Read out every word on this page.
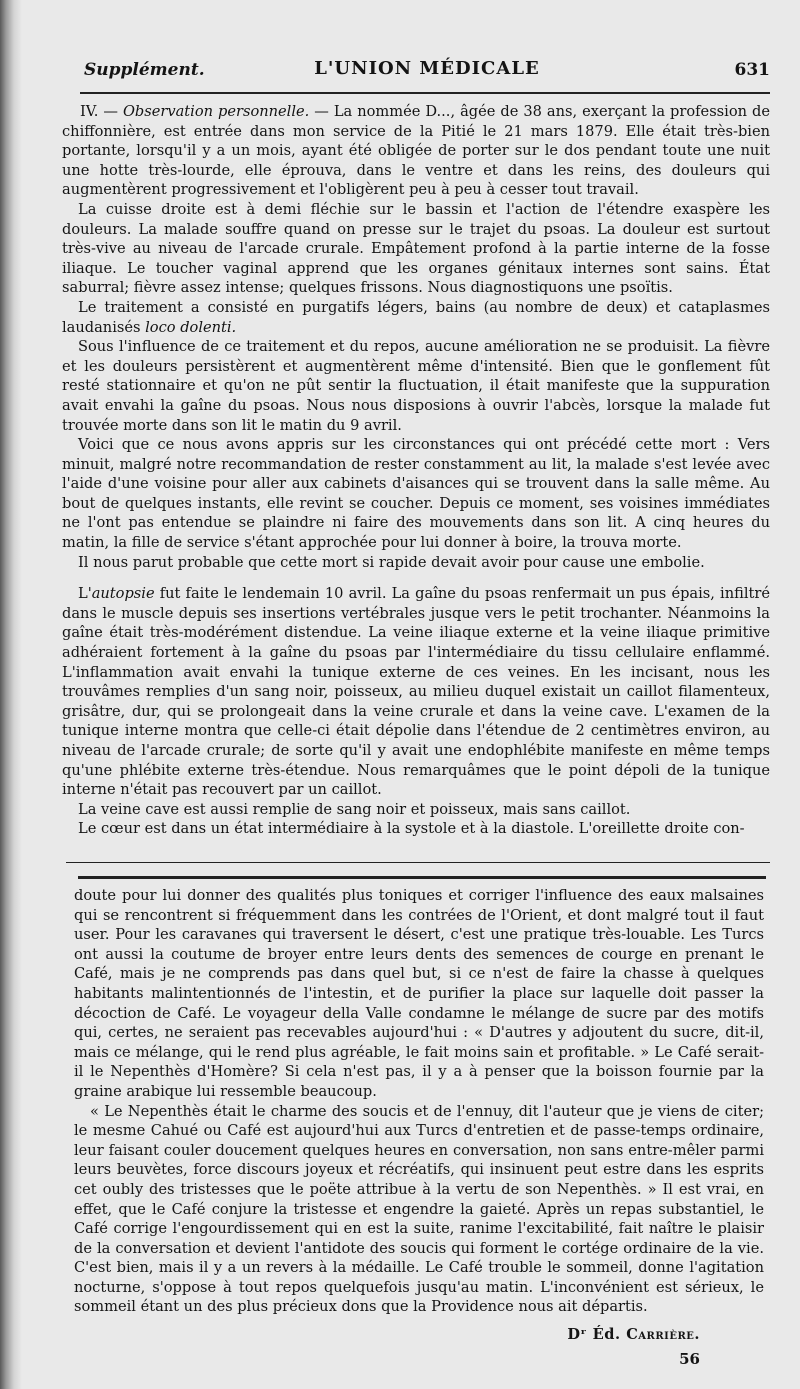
Supplément.	L'UNION MÉDICALE	631

IV. — Observation personnelle. — La nommée D..., âgée de 38 ans, exerçant la profession de chiffonnière, est entrée dans mon service de la Pitié le 21 mars 1879. Elle était très-bien portante, lorsqu'il y a un mois, ayant été obligée de porter sur le dos pendant toute une nuit une hotte très-lourde, elle éprouva, dans le ventre et dans les reins, des douleurs qui augmentèrent progressivement et l'obligèrent peu à peu à cesser tout travail.

La cuisse droite est à demi fléchie sur le bassin et l'action de l'étendre exaspère les douleurs. La malade souffre quand on presse sur le trajet du psoas. La douleur est surtout très-vive au niveau de l'arcade crurale. Empâtement profond à la partie interne de la fosse iliaque. Le toucher vaginal apprend que les organes génitaux internes sont sains. État saburral; fièvre assez intense; quelques frissons. Nous diagnostiquons une psoïtis.

Le traitement a consisté en purgatifs légers, bains (au nombre de deux) et cataplasmes laudanisés loco dolenti.

Sous l'influence de ce traitement et du repos, aucune amélioration ne se produisit. La fièvre et les douleurs persistèrent et augmentèrent même d'intensité. Bien que le gonflement fût resté stationnaire et qu'on ne pût sentir la fluctuation, il était manifeste que la suppuration avait envahi la gaîne du psoas. Nous nous disposions à ouvrir l'abcès, lorsque la malade fut trouvée morte dans son lit le matin du 9 avril.

Voici que ce nous avons appris sur les circonstances qui ont précédé cette mort : Vers minuit, malgré notre recommandation de rester constamment au lit, la malade s'est levée avec l'aide d'une voisine pour aller aux cabinets d'aisances qui se trouvent dans la salle même. Au bout de quelques instants, elle revint se coucher. Depuis ce moment, ses voisines immédiates ne l'ont pas entendue se plaindre ni faire des mouvements dans son lit. A cinq heures du matin, la fille de service s'étant approchée pour lui donner à boire, la trouva morte.

Il nous parut probable que cette mort si rapide devait avoir pour cause une embolie.

L'autopsie fut faite le lendemain 10 avril. La gaîne du psoas renfermait un pus épais, infiltré dans le muscle depuis ses insertions vertébrales jusque vers le petit trochanter. Néanmoins la gaîne était très-modérément distendue. La veine iliaque externe et la veine iliaque primitive adhéraient fortement à la gaîne du psoas par l'intermédiaire du tissu cellulaire enflammé. L'inflammation avait envahi la tunique externe de ces veines. En les incisant, nous les trouvâmes remplies d'un sang noir, poisseux, au milieu duquel existait un caillot filamenteux, grisâtre, dur, qui se prolongeait dans la veine crurale et dans la veine cave. L'examen de la tunique interne montra que celle-ci était dépolie dans l'étendue de 2 centimètres environ, au niveau de l'arcade crurale; de sorte qu'il y avait une endophlébite manifeste en même temps qu'une phlébite externe très-étendue. Nous remarquâmes que le point dépoli de la tunique interne n'était pas recouvert par un caillot.

La veine cave est aussi remplie de sang noir et poisseux, mais sans caillot.

Le cœur est dans un état intermédiaire à la systole et à la diastole. L'oreillette droite con-

doute pour lui donner des qualités plus toniques et corriger l'influence des eaux malsaines qui se rencontrent si fréquemment dans les contrées de l'Orient, et dont malgré tout il faut user. Pour les caravanes qui traversent le désert, c'est une pratique très-louable. Les Turcs ont aussi la coutume de broyer entre leurs dents des semences de courge en prenant le Café, mais je ne comprends pas dans quel but, si ce n'est de faire la chasse à quelques habitants malintentionnés de l'intestin, et de purifier la place sur laquelle doit passer la décoction de Café. Le voyageur della Valle condamne le mélange de sucre par des motifs qui, certes, ne seraient pas recevables aujourd'hui : « D'autres y adjoutent du sucre, dit-il, mais ce mélange, qui le rend plus agréable, le fait moins sain et profitable. » Le Café serait-il le Nepenthès d'Homère? Si cela n'est pas, il y a à penser que la boisson fournie par la graine arabique lui ressemble beaucoup.

« Le Nepenthès était le charme des soucis et de l'ennuy, dit l'auteur que je viens de citer; le mesme Cahué ou Café est aujourd'hui aux Turcs d'entretien et de passe-temps ordinaire, leur faisant couler doucement quelques heures en conversation, non sans entre-mêler parmi leurs beuvètes, force discours joyeux et récréatifs, qui insinuent peut estre dans les esprits cet oubly des tristesses que le poëte attribue à la vertu de son Nepenthès. » Il est vrai, en effet, que le Café conjure la tristesse et engendre la gaieté. Après un repas substantiel, le Café corrige l'engourdissement qui en est la suite, ranime l'excitabilité, fait naître le plaisir de la conversation et devient l'antidote des soucis qui forment le cortége ordinaire de la vie. C'est bien, mais il y a un revers à la médaille. Le Café trouble le sommeil, donne l'agitation nocturne, s'oppose à tout repos quelquefois jusqu'au matin. L'inconvénient est sérieux, le sommeil étant un des plus précieux dons que la Providence nous ait départis.

Dʳ Éd. Carrière.
56
